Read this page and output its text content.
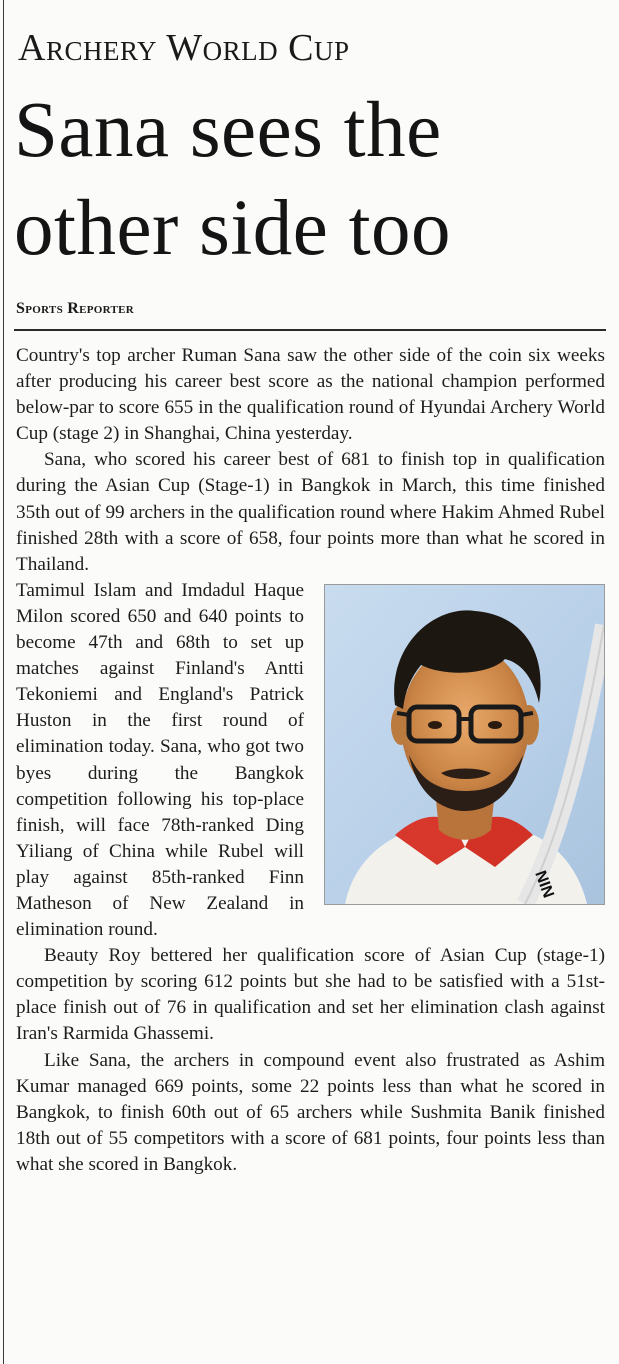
Archery World Cup
Sana sees the
other side too
Sports Reporter

Country's top archer Ruman Sana saw the other side of the coin six weeks after producing his career best score as the national champion performed below-par to score 655 in the qualification round of Hyundai Archery World Cup (stage 2) in Shanghai, China yesterday.

Sana, who scored his career best of 681 to finish top in qualification during the Asian Cup (Stage-1) in Bangkok in March, this time finished 35th out of 99 archers in the qualification round where Hakim Ahmed Rubel finished 28th with a score of 658, four points more than what he scored in Thailand.

NIN

Tamimul Islam and Imdadul Haque Milon scored 650 and 640 points to become 47th and 68th to set up matches against Finland's Antti Tekoniemi and England's Patrick Huston in the first round of elimination today. Sana, who got two byes during the Bangkok competition following his top-place finish, will face 78th-ranked Ding Yiliang of China while Rubel will play against 85th-ranked Finn Matheson of New Zealand in elimination round.

Beauty Roy bettered her qualification score of Asian Cup (stage-1) competition by scoring 612 points but she had to be satisfied with a 51st-place finish out of 76 in qualification and set her elimination clash against Iran's Rarmida Ghassemi.

Like Sana, the archers in compound event also frustrated as Ashim Kumar managed 669 points, some 22 points less than what he scored in Bangkok, to finish 60th out of 65 archers while Sushmita Banik finished 18th out of 55 competitors with a score of 681 points, four points less than what she scored in Bangkok.
